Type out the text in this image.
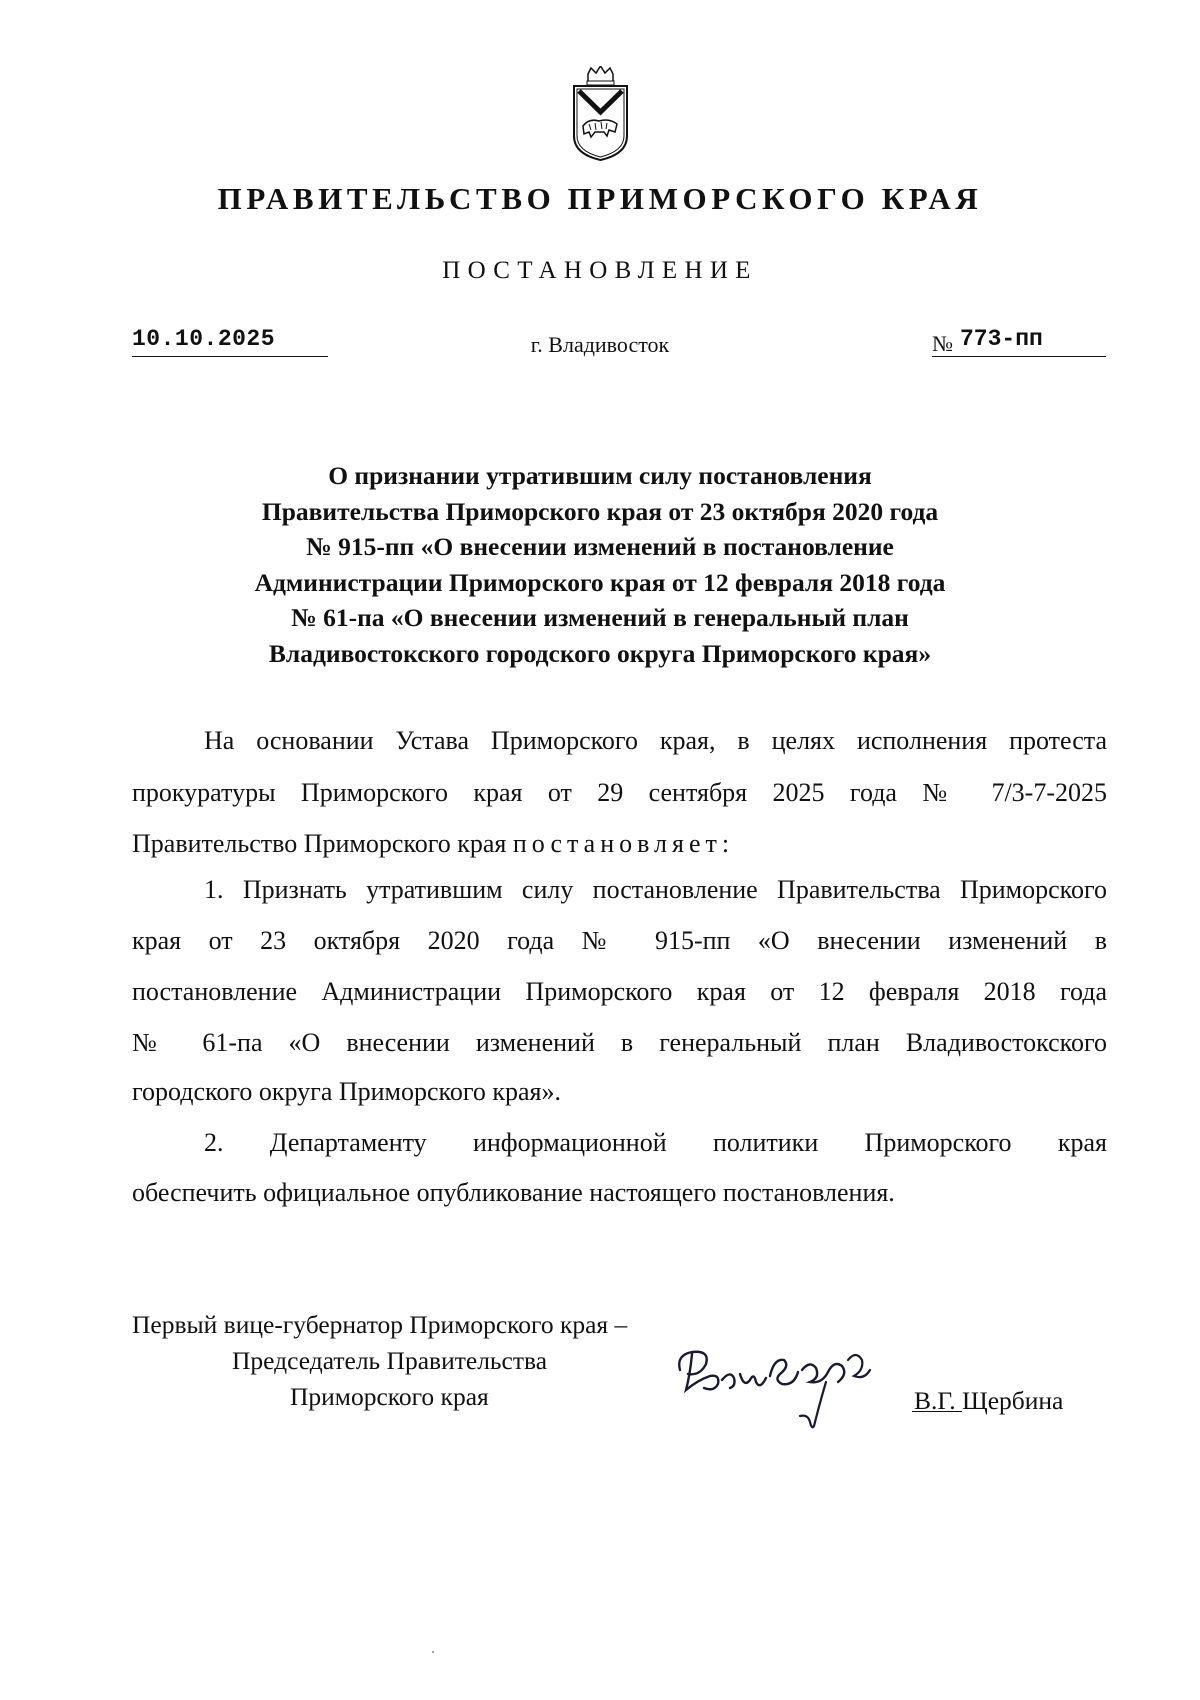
ПРАВИТЕЛЬСТВО ПРИМОРСКОГО КРАЯ
ПОСТАНОВЛЕНИЕ
10.10.2025	г. Владивосток	№ 773-пп
О признании утратившим силу постановления
Правительства Приморского края от 23 октября 2020 года
№ 915-пп «О внесении изменений в постановление
Администрации Приморского края от 12 февраля 2018 года
№ 61-па «О внесении изменений в генеральный план
Владивостокского городского округа Приморского края»
На основании Устава Приморского края, в целях исполнения протеста
прокуратуры Приморского края от 29 сентября 2025 года № 7/3-7-2025
Правительство Приморского края постановляет:
1. Признать утратившим силу постановление Правительства Приморского
края от 23 октября 2020 года № 915-пп «О внесении изменений в
постановление Администрации Приморского края от 12 февраля 2018 года
№ 61-па «О внесении изменений в генеральный план Владивостокского
городского округа Приморского края».
2. Департаменту информационной политики Приморского края
обеспечить официальное опубликование настоящего постановления.
Первый вице-губернатор Приморского края –
Председатель Правительства
Приморского края	В.Г. Щербина
